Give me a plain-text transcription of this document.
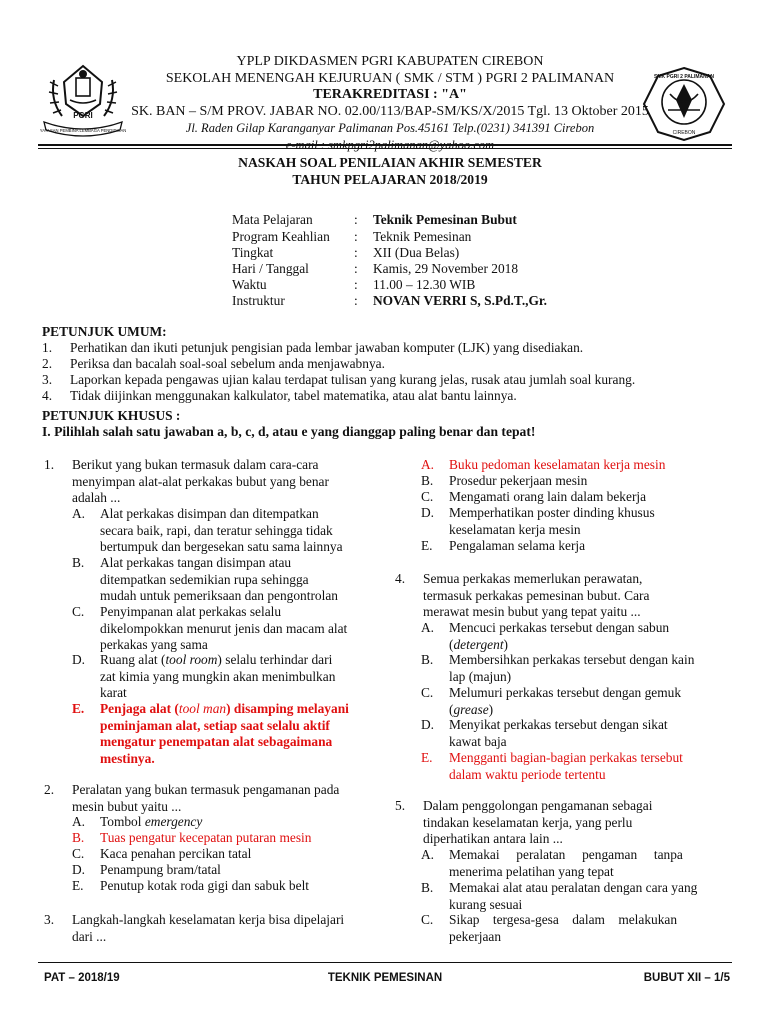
PGRI
YAYASAN PEMBINA LEMBAGA PENDIDIKAN
SMK PGRI 2 PALIMANAN
CIREBON
YPLP DIKDASMEN PGRI KABUPATEN CIREBON
SEKOLAH MENENGAH KEJURUAN ( SMK / STM ) PGRI 2 PALIMANAN
TERAKREDITASI : "A"
SK. BAN – S/M PROV. JABAR NO. 02.00/113/BAP-SM/KS/X/2015 Tgl. 13 Oktober 2015
Jl. Raden Gilap Karanganyar Palimanan Pos.45161 Telp.(0231) 341391 Cirebon
e-mail : smkpgri2palimanan@yahoo.com
NASKAH SOAL PENILAIAN AKHIR SEMESTER
TAHUN PELAJARAN 2018/2019
Mata Pelajaran	: Teknik Pemesinan Bubut
Program Keahlian : Teknik Pemesinan
Tingkat	: XII (Dua Belas)
Hari / Tanggal	: Kamis, 29 November 2018
Waktu	: 11.00 – 12.30 WIB
Instruktur	: NOVAN VERRI S, S.Pd.T.,Gr.
PETUNJUK UMUM:
1. Perhatikan dan ikuti petunjuk pengisian pada lembar jawaban komputer (LJK) yang disediakan.
2. Periksa dan bacalah soal-soal sebelum anda menjawabnya.
3. Laporkan kepada pengawas ujian kalau terdapat tulisan yang kurang jelas, rusak atau jumlah soal kurang.
4. Tidak diijinkan menggunakan kalkulator, tabel matematika, atau alat bantu lainnya.
PETUNJUK KHUSUS :
I. Pilihlah salah satu jawaban a, b, c, d, atau e yang dianggap paling benar dan tepat!
1. Berikut yang bukan termasuk dalam cara-cara
menyimpan alat-alat perkakas bubut yang benar
adalah ...
A. Alat perkakas disimpan dan ditempatkan
secara baik, rapi, dan teratur sehingga tidak
bertumpuk dan bergesekan satu sama lainnya
B. Alat perkakas tangan disimpan atau
ditempatkan sedemikian rupa sehingga
mudah untuk pemeriksaan dan pengontrolan
C. Penyimpanan alat perkakas selalu
dikelompokkan menurut jenis dan macam alat
perkakas yang sama
D. Ruang alat (tool room) selalu terhindar dari
zat kimia yang mungkin akan menimbulkan
karat
E. Penjaga alat (tool man) disamping melayani
peminjaman alat, setiap saat selalu aktif
mengatur penempatan alat sebagaimana
mestinya.
2. Peralatan yang bukan termasuk pengamanan pada
mesin bubut yaitu ...
A. Tombol emergency
B. Tuas pengatur kecepatan putaran mesin
C. Kaca penahan percikan tatal
D. Penampung bram/tatal
E. Penutup kotak roda gigi dan sabuk belt
3. Langkah-langkah keselamatan kerja bisa dipelajari
dari ...
A. Buku pedoman keselamatan kerja mesin
B. Prosedur pekerjaan mesin
C. Mengamati orang lain dalam bekerja
D. Memperhatikan poster dinding khusus
keselamatan kerja mesin
E. Pengalaman selama kerja
4. Semua perkakas memerlukan perawatan,
termasuk perkakas pemesinan bubut. Cara
merawat mesin bubut yang tepat yaitu ...
A. Mencuci perkakas tersebut dengan sabun
(detergent)
B. Membersihkan perkakas tersebut dengan kain
lap (majun)
C. Melumuri perkakas tersebut dengan gemuk
(grease)
D. Menyikat perkakas tersebut dengan sikat
kawat baja
E. Mengganti bagian-bagian perkakas tersebut
dalam waktu periode tertentu
5. Dalam penggolongan pengamanan sebagai
tindakan keselamatan kerja, yang perlu
diperhatikan antara lain ...
A. Memakai     peralatan     pengaman     tanpa
menerima pelatihan yang tepat
B. Memakai alat atau peralatan dengan cara yang
kurang sesuai
C. Sikap    tergesa-gesa    dalam    melakukan
pekerjaan
PAT – 2018/19	TEKNIK PEMESINAN	BUBUT XII – 1/5
